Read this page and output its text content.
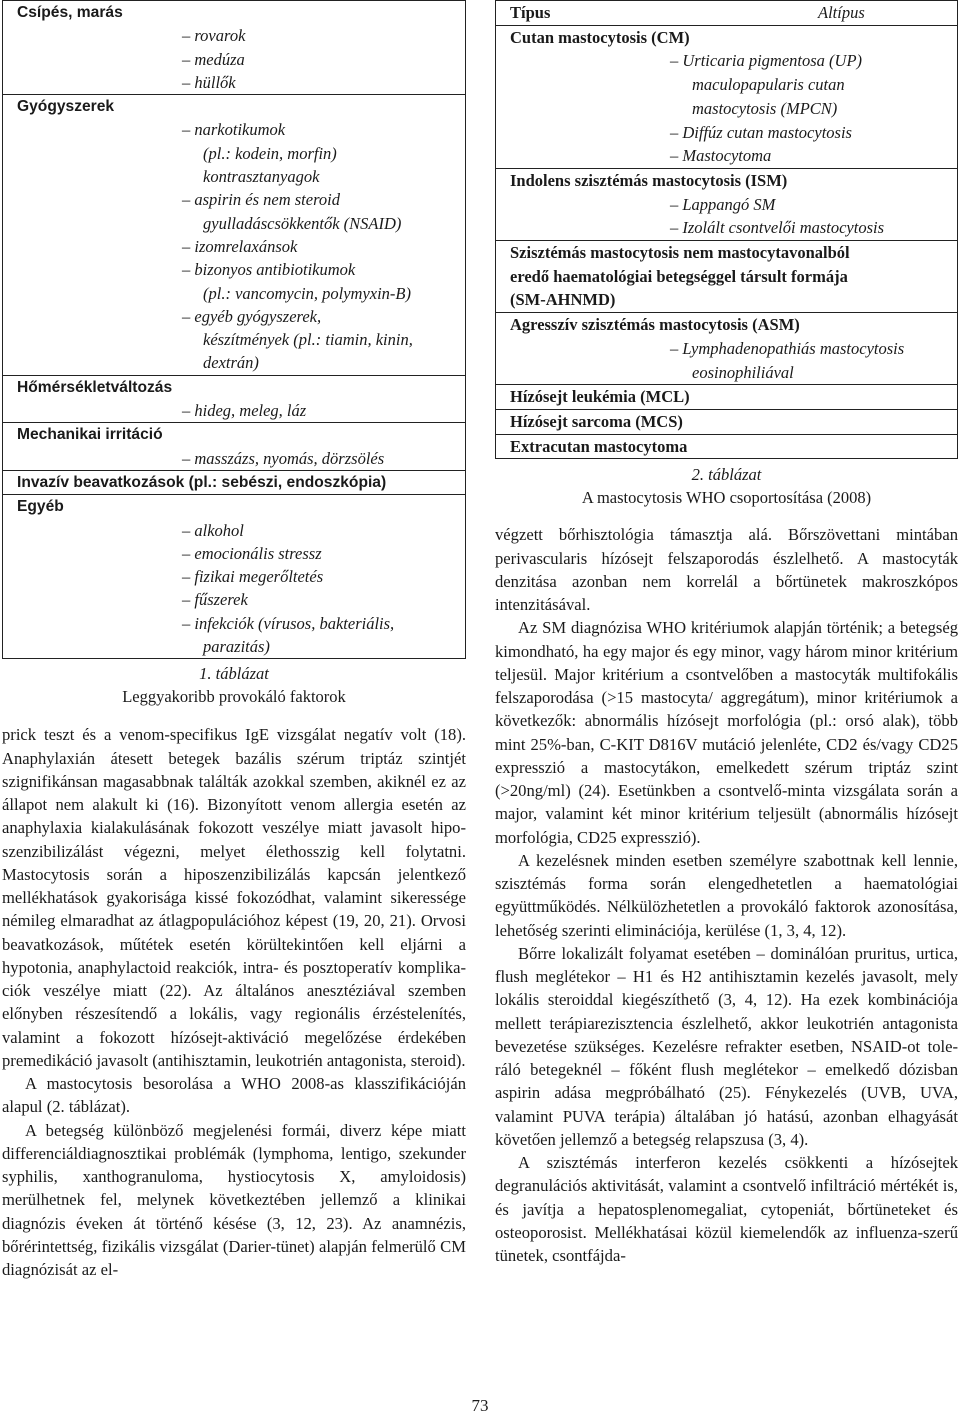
Csípés, marás
– rovarok
– medúza
– hüllők

Gyógyszerek
– narkotikumok
(pl.: kodein, morfin)
kontrasztanyagok
– aspirin és nem steroid
gyulladáscsökkentők (NSAID)
– izomrelaxánsok
– bizonyos antibiotikumok
(pl.: vancomycin, polymyxin-B)
– egyéb gyógyszerek,
készítmények (pl.: tiamin, kinin,
dextrán)

Hőmérsékletváltozás
– hideg, meleg, láz

Mechanikai irritáció
– masszázs, nyomás, dörzsölés

Invazív beavatkozások (pl.: sebészi, endoszkópia)

Egyéb
– alkohol
– emocionális stressz
– fizikai megerőltetés
– fűszerek
– infekciók (vírusos, bakteriális,
parazitás)
1. táblázat
Leggyakoribb provokáló faktorok

prick teszt és a venom-specifikus IgE vizsgálat negatív volt (18). Anaphylaxián átesett betegek bazális szérum triptáz szintjét szignifikánsan magasabbnak találták azokkal szemben, akiknél ez az állapot nem alakult ki (16). Bizonyított venom allergia esetén az anaphylaxia kialakulásának fokozott veszélye miatt javasolt hiposzenzibilizálást végezni, melyet élethosszig kell folytatni. Mastocytosis során a hiposzenzibilizálás kapcsán jelentkező mellékhatások gyakorisága kissé fokozódhat, valamint sikeressége némileg elmaradhat az átlagpopulációhoz képest (19, 20, 21). Orvosi beavatkozások, műtétek esetén körültekintően kell eljárni a hypotonia, anaphylactoid reakciók, intra- és posztoperatív komplikaciók veszélye miatt (22). Az általános anesztéziával szemben előnyben részesítendő a lokális, vagy regionális érzéstelenítés, valamint a fokozott hízósejt-aktiváció megelőzése érdekében premedikáció javasolt (antihisztamin, leukotrién antagonista, steroid).

A mastocytosis besorolása a WHO 2008-as klasszifikációján alapul (2. táblázat).

A betegség különböző megjelenési formái, diverz képe miatt differenciáldiagnosztikai problémák (lymphoma, lentigo, szekunder syphilis, xanthogranuloma, hystiocytosis X, amyloidosis) merülhetnek fel, melynek következtében jellemző a klinikai diagnózis éveken át történő késése (3, 12, 23). Az anamnézis, bőrérintettség, fizikális vizsgálat (Darier-tünet) alapján felmerülő CM diagnózisát az el-

Típus	Altípus

Cutan mastocytosis (CM)
– Urticaria pigmentosa (UP)
maculopapularis cutan
mastocytosis (MPCN)
– Diffúz cutan mastocytosis
– Mastocytoma

Indolens szisztémás mastocytosis (ISM)
– Lappangó SM
– Izolált csontvelői mastocytosis

Szisztémás mastocytosis nem mastocytavonalból
eredő haematológiai betegséggel társult formája
(SM-AHNMD)

Agresszív szisztémás mastocytosis (ASM)
– Lymphadenopathiás mastocytosis
eosinophiliával

Hízósejt leukémia (MCL)

Hízósejt sarcoma (MCS)

Extracutan mastocytoma
2. táblázat
A mastocytosis WHO csoportosítása (2008)

végzett bőrhisztológia támasztja alá. Bőrszövettani mintában perivascularis hízósejt felszaporodás észlelhető. A mastocyták denzitása azonban nem korrelál a bőrtünetek makroszkópos intenzitásával.

Az SM diagnózisa WHO kritériumok alapján történik; a betegség kimondható, ha egy major és egy minor, vagy három minor kritérium teljesül. Major kritérium a csontvelőben a mastocyták multifokális felszaporodása (>15 mastocyta/ aggregátum), minor kritériumok a következők: abnormális hízósejt morfológia (pl.: orsó alak), több mint 25%-ban, C-KIT D816V mutáció jelenléte, CD2 és/vagy CD25 expresszió a mastocytákon, emelkedett szérum triptáz szint (>20ng/ml) (24). Esetünkben a csontvelő-minta vizsgálata során a major, valamint két minor kritérium teljesült (abnormális hízósejt morfológia, CD25 expresszió).

A kezelésnek minden esetben személyre szabottnak kell lennie, szisztémás forma során elengedhetetlen a haematológiai együttműködés. Nélkülözhetetlen a provokáló faktorok azonosítása, lehetőség szerinti eliminációja, kerülése (1, 3, 4, 12).

Bőrre lokalizált folyamat esetében – dominálóan pruritus, urtica, flush meglétekor – H1 és H2 antihisztamin kezelés javasolt, mely lokális steroiddal kiegészíthető (3, 4, 12). Ha ezek kombinációja mellett terápiarezisztencia észlelhető, akkor leukotrién antagonista bevezetése szükséges. Kezelésre refrakter esetben, NSAID-ot toleráló betegeknél – főként flush meglétekor – emelkedő dózisban aspirin adása megpróbálható (25). Fénykezelés (UVB, UVA, valamint PUVA terápia) általában jó hatású, azonban elhagyását követően jellemző a betegség relapszusa (3, 4).

A szisztémás interferon kezelés csökkenti a hízósejtek degranulációs aktivitását, valamint a csontvelő infiltráció mértékét is, és javítja a hepatosplenomegaliat, cytopeniát, bőrtüneteket és osteoporosist. Mellékhatásai közül kiemelendők az influenza-szerű tünetek, csontfájda-

73
